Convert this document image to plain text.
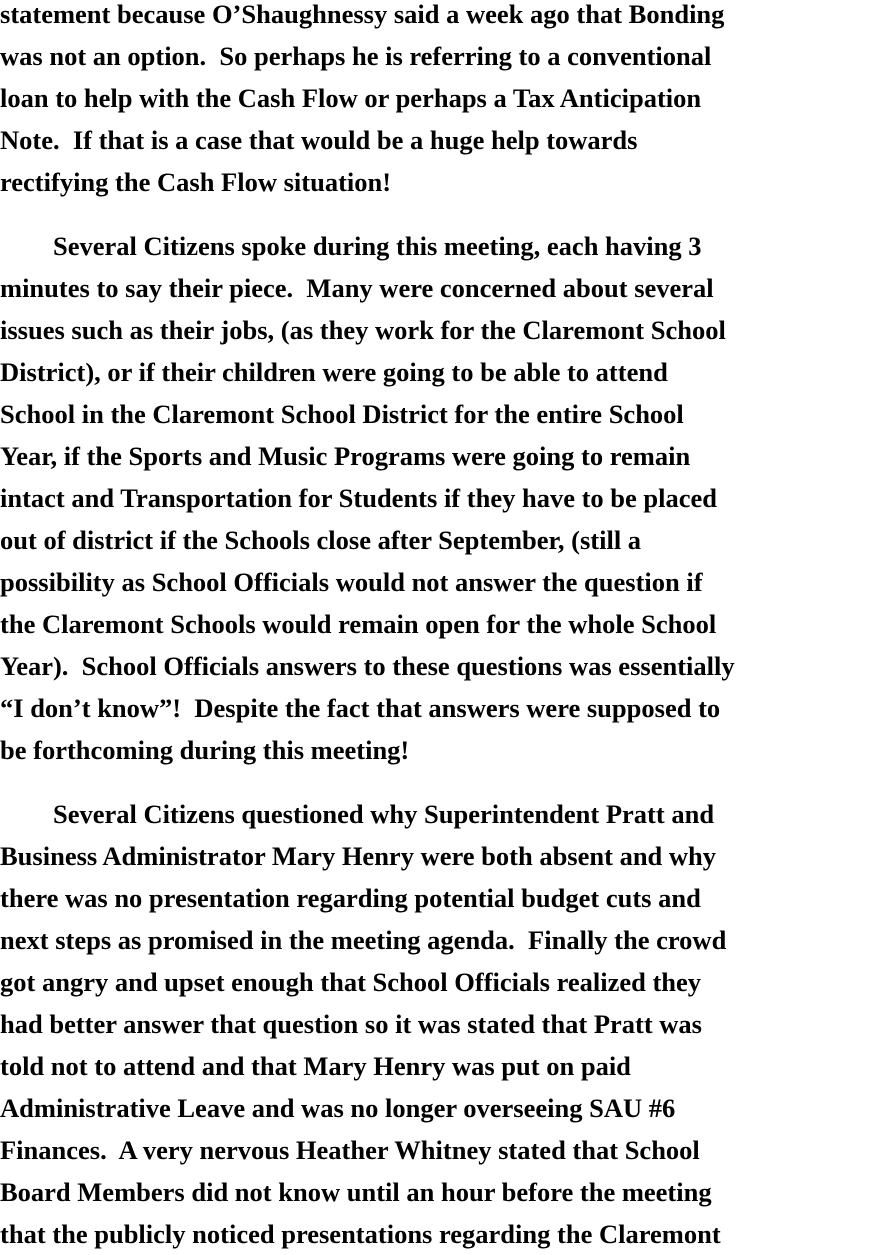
statement because O’Shaughnessy said a week ago that Bonding
was not an option.  So perhaps he is referring to a conventional
loan to help with the Cash Flow or perhaps a Tax Anticipation
Note.  If that is a case that would be a huge help towards
rectifying the Cash Flow situation!
Several Citizens spoke during this meeting, each having 3
minutes to say their piece.  Many were concerned about several
issues such as their jobs, (as they work for the Claremont School
District), or if their children were going to be able to attend
School in the Claremont School District for the entire School
Year, if the Sports and Music Programs were going to remain
intact and Transportation for Students if they have to be placed
out of district if the Schools close after September, (still a
possibility as School Officials would not answer the question if
the Claremont Schools would remain open for the whole School
Year).  School Officials answers to these questions was essentially
“I don’t know”!  Despite the fact that answers were supposed to
be forthcoming during this meeting!
Several Citizens questioned why Superintendent Pratt and
Business Administrator Mary Henry were both absent and why
there was no presentation regarding potential budget cuts and
next steps as promised in the meeting agenda.  Finally the crowd
got angry and upset enough that School Officials realized they
had better answer that question so it was stated that Pratt was
told not to attend and that Mary Henry was put on paid
Administrative Leave and was no longer overseeing SAU #6
Finances.  A very nervous Heather Whitney stated that School
Board Members did not know until an hour before the meeting
that the publicly noticed presentations regarding the Claremont
